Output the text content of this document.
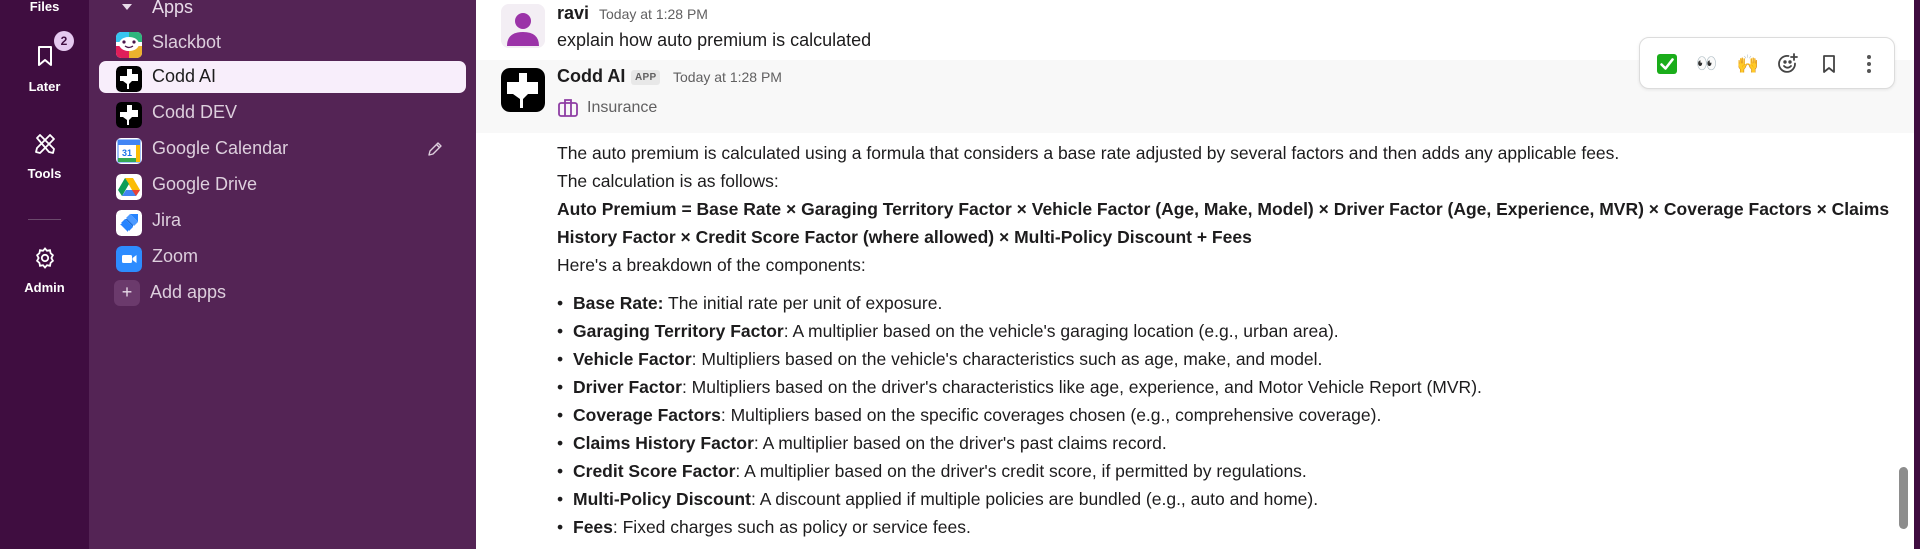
Files
Later
2
Tools
Admin
Apps
Slackbot
Codd AI
Codd DEV
31 Google Calendar
Google Drive
Jira
Zoom
+ Add apps
ravi Today at 1:28 PM
explain how auto premium is calculated
Codd AI APP Today at 1:28 PM
Insurance
The auto premium is calculated using a formula that considers a base rate adjusted by several factors and then adds any applicable fees.
The calculation is as follows:
Auto Premium = Base Rate × Garaging Territory Factor × Vehicle Factor (Age, Make, Model) × Driver Factor (Age, Experience, MVR) × Coverage Factors × Claims
History Factor × Credit Score Factor (where allowed) × Multi-Policy Discount + Fees
Here's a breakdown of the components:
• Base Rate: The initial rate per unit of exposure.
• Garaging Territory Factor: A multiplier based on the vehicle's garaging location (e.g., urban area).
• Vehicle Factor: Multipliers based on the vehicle's characteristics such as age, make, and model.
• Driver Factor: Multipliers based on the driver's characteristics like age, experience, and Motor Vehicle Report (MVR).
• Coverage Factors: Multipliers based on the specific coverages chosen (e.g., comprehensive coverage).
• Claims History Factor: A multiplier based on the driver's past claims record.
• Credit Score Factor: A multiplier based on the driver's credit score, if permitted by regulations.
• Multi-Policy Discount: A discount applied if multiple policies are bundled (e.g., auto and home).
• Fees: Fixed charges such as policy or service fees.
👀 🙌
